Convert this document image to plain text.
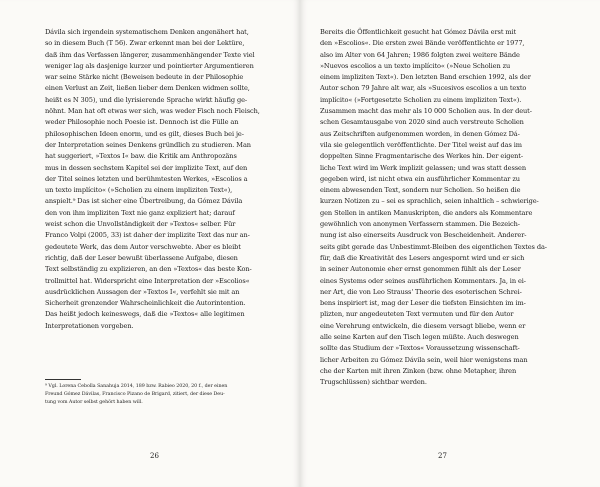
Dávila sich irgendein systematischem Denken angenähert hat,
so in diesem Buch (T 56). Zwar erkennt man bei der Lektüre,
daß ihm das Verfassen längerer, zusammenhängender Texte viel
weniger lag als dasjenige kurzer und pointierter Argumentieren
war seine Stärke nicht (Beweisen bedeute in der Philosophie
einen Verlust an Zeit, ließen lieber dem Denken widmen sollte,
heißt es N 305), und die lyrisierende Sprache wirkt häufig ge-
nöhnt. Man hat oft etwas wer sich, was weder Fisch noch Fleisch,
weder Philosophie noch Poesie ist. Dennoch ist die Fülle an
philosophischen Ideen enorm, und es gilt, dieses Buch bei je-
der Interpretation seines Denkens gründlich zu studieren. Man
hat suggeriert, »Textos I« baw. die Kritik am Anthropozäns
mus in dessen sechstem Kapitel sei der implizite Text, auf den
der Titel seines letzten und berühmtesten Werkes, »Escolios a
un texto implícito« (»Scholien zu einem impliziten Text«),
anspielt.⁹ Das ist sicher eine Übertreibung, da Gómez Dávila
den von ihm impliziten Text nie ganz expliziert hat; darauf
weist schon die Unvollständigkeit der »Textos« selber. Für
Franco Volpi (2005, 33) ist daher der implizite Text das nur an-
gedeutete Werk, das dem Autor verschwebte. Aber es bleibt
richtig, daß der Leser bewußt überlassene Aufgabe, diesen
Text selbständig zu explizieren, an den »Textos« das beste Kon-
trollmittel hat. Widerspricht eine Interpretation der »Escolios«
ausdrücklichen Aussagen der »Textos I«, verfehlt sie mit an
Sicherheit grenzender Wahrscheinlichkeit die Autorintention.
Das heißt jedoch keineswegs, daß die »Textos« alle legitimen
Interpretationen vorgeben.
⁹ Vgl. Lorena Cebolla Sanahuja 2014, 189 bzw. Rabieo 2020, 20 f., der einen
Freund Gómez Dávilas, Francisco Pizano de Brigard, zitiert, der diese Deu-
tung vom Autor selbst gehört haben will.
26
Bereits die Öffentlichkeit gesucht hat Gómez Dávila erst mit
den »Escolios«. Die ersten zwei Bände veröffentlichte er 1977,
also im Alter von 64 Jahren; 1986 folgten zwei weitere Bände
»Nuevos escolios a un texto implícito« (»Neue Scholien zu
einem impliziten Text«). Den letzten Band erschien 1992, als der
Autor schon 79 Jahre alt war, als »Sucesivos escolios a un texto
implícito« (»Fortgesetzte Scholien zu einem impliziten Text«).
Zusammen macht das mehr als 10 000 Scholien aus. In der deut-
schen Gesamtausgabe von 2020 sind auch verstreute Scholien
aus Zeitschriften aufgenommen worden, in denen Gómez Dá-
vila sie gelegentlich veröffentlichte. Der Titel weist auf das im
doppelten Sinne Fragmentarische des Werkes hin. Der eigent-
liche Text wird im Werk implizit gelassen; und was statt dessen
gegeben wird, ist nicht etwa ein ausführlicher Kommentar zu
einem abwesenden Text, sondern nur Scholien. So heißen die
kurzen Notizen zu – sei es sprachlich, seien inhaltlich – schwierige-
gen Stellen in antiken Manuskripten, die anders als Kommentare
gewöhnlich von anonymen Verfassern stammen. Die Bezeich-
nung ist also einerseits Ausdruck von Bescheidenheit. Anderer-
seits gibt gerade das Unbestimmt-Bleiben des eigentlichen Textes da-
für, daß die Kreativität des Lesers angespornt wird und er sich
in seiner Autonomie eher ernst genommen fühlt als der Leser
eines Systems oder seines ausführlichen Kommentars. Ja, in ei-
ner Art, die von Leo Strauss' Theorie des esoterischen Schrei-
bens inspiriert ist, mag der Leser die tiefsten Einsichten im im-
plizten, nur angedeuteten Text vermuten und für den Autor
eine Verehrung entwickeln, die diesem versagt bliebe, wenn er
alle seine Karten auf den Tisch legen müßte. Auch deswegen
sollte das Studium der »Textos« Voraussetzung wissenschaft-
licher Arbeiten zu Gómez Dávila sein, weil hier wenigstens man
che der Karten mit ihren Zinken (bzw. ohne Metapher, ihren
Trugschlüssen) sichtbar werden.
27
